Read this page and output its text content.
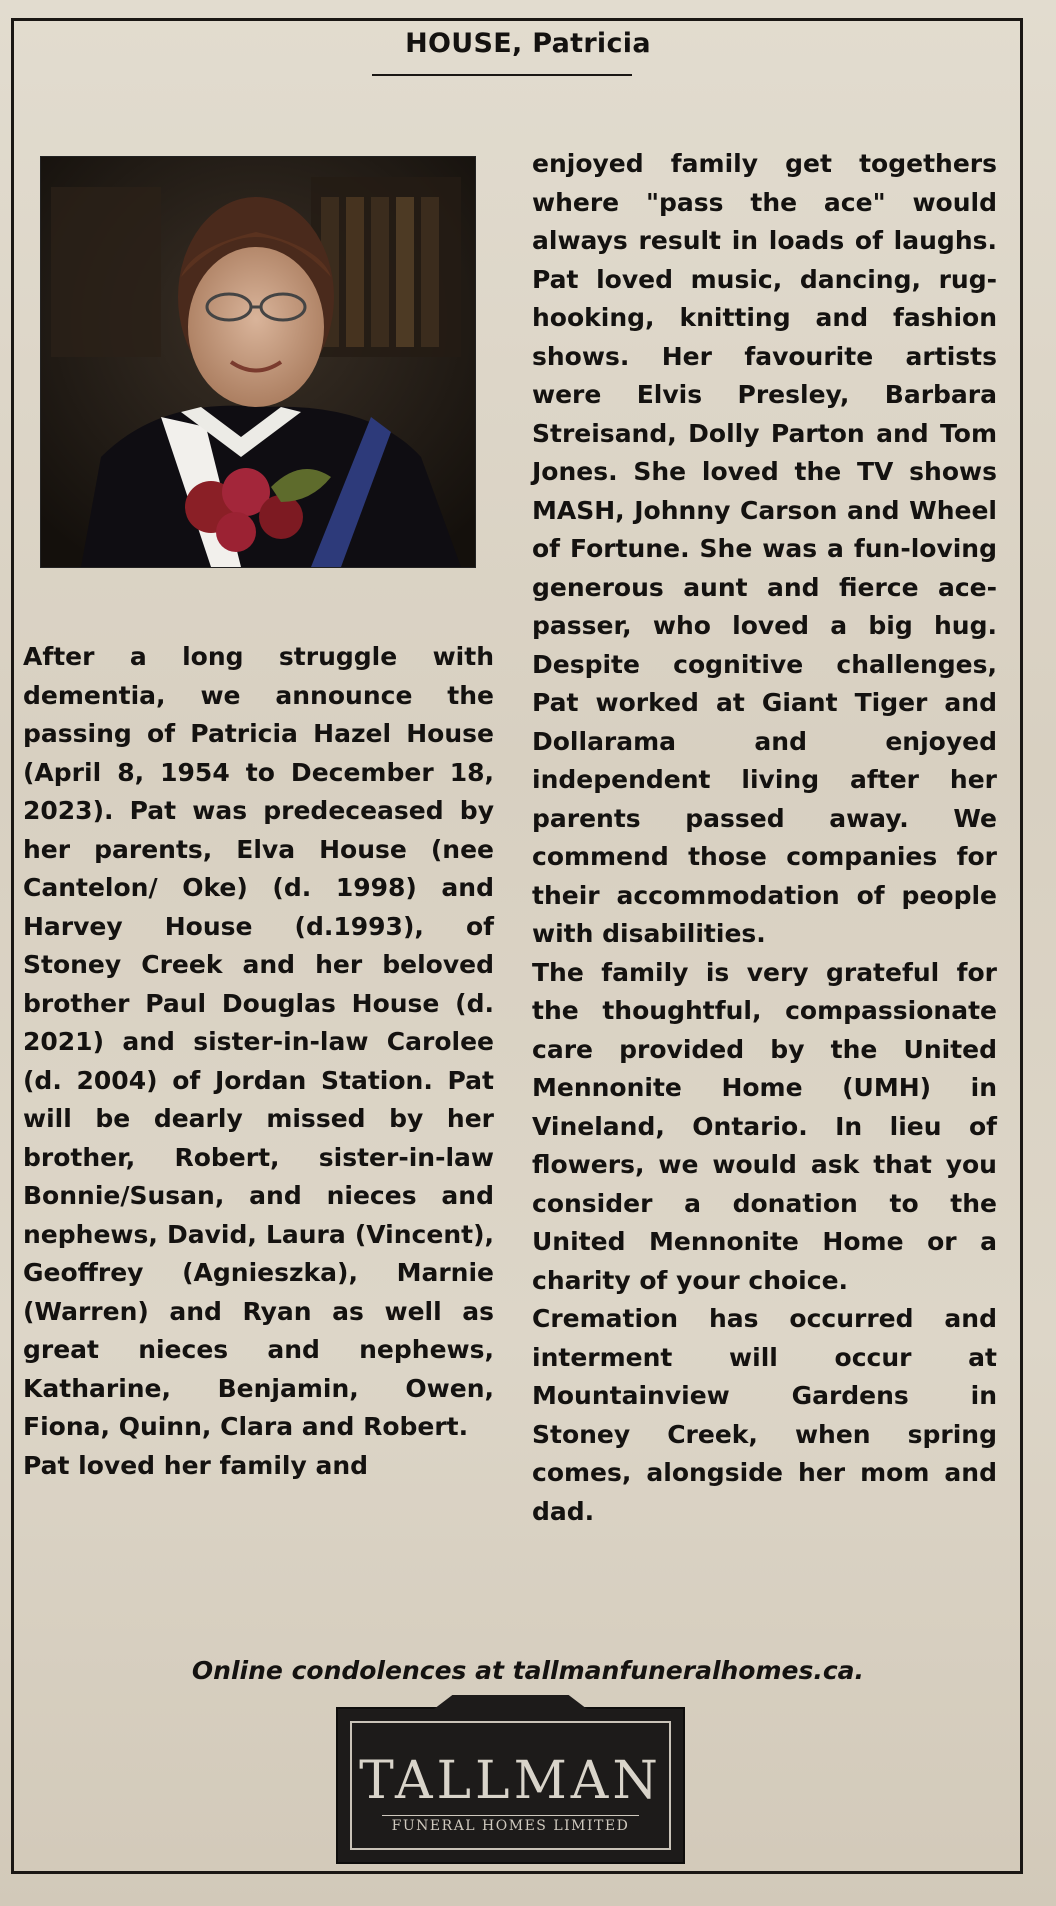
HOUSE, Patricia

After a long struggle with dementia, we announce the passing of Patricia Hazel House (April 8, 1954 to December 18, 2023). Pat was predeceased by her parents, Elva House (nee Cantelon/ Oke) (d. 1998) and Harvey House (d.1993), of Stoney Creek and her beloved brother Paul Douglas House (d. 2021) and sister-in-law Carolee (d. 2004) of Jordan Station. Pat will be dearly missed by her brother, Robert, sister-in-law Bonnie/Susan, and nieces and nephews, David, Laura (Vincent), Geoffrey (Agnieszka), Marnie (Warren) and Ryan as well as great nieces and nephews, Katharine, Benjamin, Owen, Fiona, Quinn, Clara and Robert.

Pat loved her family and

enjoyed family get togethers where "pass the ace" would always result in loads of laughs. Pat loved music, dancing, rug-hooking, knitting and fashion shows. Her favourite artists were Elvis Presley, Barbara Streisand, Dolly Parton and Tom Jones. She loved the TV shows MASH, Johnny Carson and Wheel of Fortune. She was a fun-loving generous aunt and fierce ace-passer, who loved a big hug. Despite cognitive challenges, Pat worked at Giant Tiger and Dollarama and enjoyed independent living after her parents passed away. We commend those companies for their accommodation of people with disabilities.

The family is very grateful for the thoughtful, compassionate care provided by the United Mennonite Home (UMH) in Vineland, Ontario. In lieu of flowers, we would ask that you consider a donation to the United Mennonite Home or a charity of your choice.

Cremation has occurred and interment will occur at Mountainview Gardens in Stoney Creek, when spring comes, alongside her mom and dad.

Online condolences at tallmanfuneralhomes.ca.
TALLMAN
FUNERAL HOMES LIMITED
